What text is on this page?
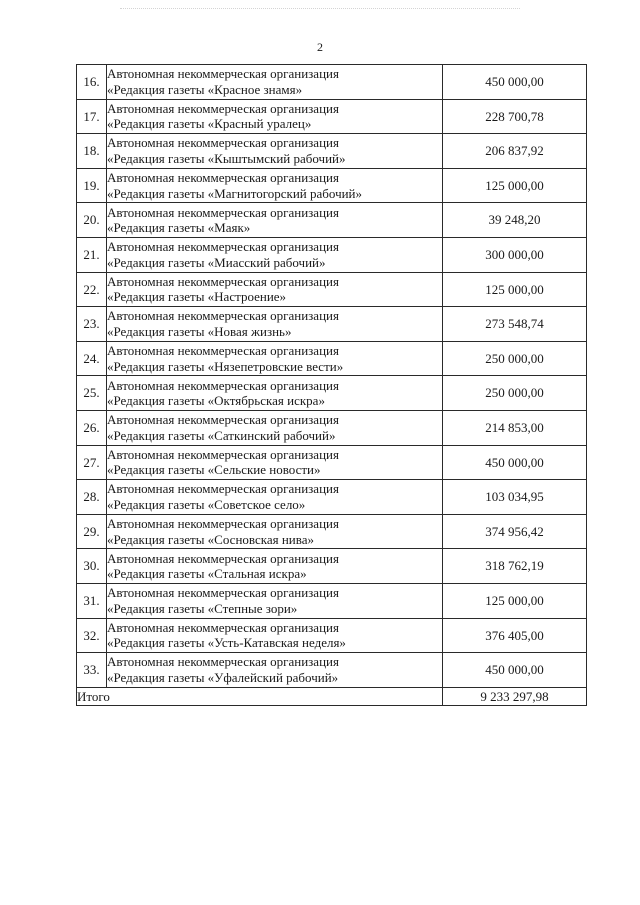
2
16.	Автономная некоммерческая организация
«Редакция газеты «Красное знамя»	450 000,00
17.	Автономная некоммерческая организация
«Редакция газеты «Красный уралец»	228 700,78
18.	Автономная некоммерческая организация
«Редакция газеты «Кыштымский рабочий»	206 837,92
19.	Автономная некоммерческая организация
«Редакция газеты «Магнитогорский рабочий»	125 000,00
20.	Автономная некоммерческая организация
«Редакция газеты «Маяк»	39 248,20
21.	Автономная некоммерческая организация
«Редакция газеты «Миасский рабочий»	300 000,00
22.	Автономная некоммерческая организация
«Редакция газеты «Настроение»	125 000,00
23.	Автономная некоммерческая организация
«Редакция газеты «Новая жизнь»	273 548,74
24.	Автономная некоммерческая организация
«Редакция газеты «Нязепетровские вести»	250 000,00
25.	Автономная некоммерческая организация
«Редакция газеты «Октябрьская искра»	250 000,00
26.	Автономная некоммерческая организация
«Редакция газеты «Саткинский рабочий»	214 853,00
27.	Автономная некоммерческая организация
«Редакция газеты «Сельские новости»	450 000,00
28.	Автономная некоммерческая организация
«Редакция газеты «Советское село»	103 034,95
29.	Автономная некоммерческая организация
«Редакция газеты «Сосновская нива»	374 956,42
30.	Автономная некоммерческая организация
«Редакция газеты «Стальная искра»	318 762,19
31.	Автономная некоммерческая организация
«Редакция газеты «Степные зори»	125 000,00
32.	Автономная некоммерческая организация
«Редакция газеты «Усть-Катавская неделя»	376 405,00
33.	Автономная некоммерческая организация
«Редакция газеты «Уфалейский рабочий»	450 000,00
Итого		9 233 297,98
